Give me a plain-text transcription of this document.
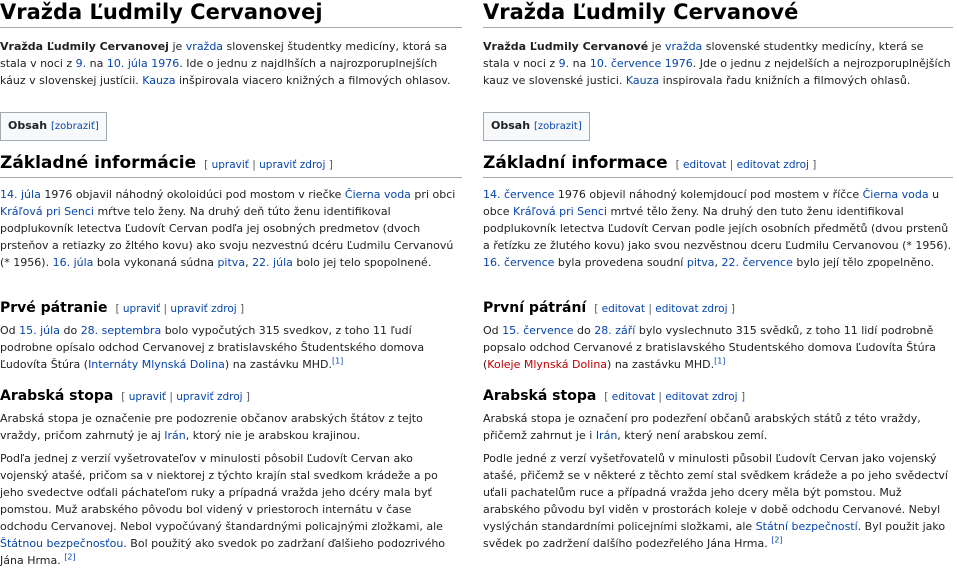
Vražda Ľudmily Cervanovej

Vražda Ľudmily Cervanovej je vražda slovenskej študentky medicíny, ktorá sa stala v noci z 9. na 10. júla 1976. Ide o jednu z najdlhších a najrozporuplnejších káuz v slovenskej justícii. Kauza inšpirovala viacero knižných a filmových ohlasov.

Obsah [zobraziť]
Základné informácie [ upraviť | upraviť zdroj ]

14. júla 1976 objavil náhodný okoloidúci pod mostom v riečke Čierna voda pri obci Kráľová pri Senci mŕtve telo ženy. Na druhý deň túto ženu identifikoval podplukovník letectva Ľudovít Cervan podľa jej osobných predmetov (dvoch prsteňov a retiazky zo žltého kovu) ako svoju nezvestnú dcéru Ľudmilu Cervanovú (* 1956). 16. júla bola vykonaná súdna pitva, 22. júla bolo jej telo spopolnené.

Prvé pátranie [ upraviť | upraviť zdroj ]

Od 15. júla do 28. septembra bolo vypočutých 315 svedkov, z toho 11 ľudí podrobne opísalo odchod Cervanovej z bratislavského Študentského domova Ľudovíta Štúra (Internáty Mlynská Dolina) na zastávku MHD.[1]

Arabská stopa [ upraviť | upraviť zdroj ]

Arabská stopa je označenie pre podozrenie občanov arabských štátov z tejto vraždy, pričom zahrnutý je aj Irán, ktorý nie je arabskou krajinou.

Podľa jednej z verzií vyšetrovateľov v minulosti pôsobil Ľudovít Cervan ako vojenský atašé, pričom sa v niektorej z týchto krajín stal svedkom krádeže a po jeho svedectve odťali páchateľom ruky a prípadná vražda jeho dcéry mala byť pomstou. Muž arabského pôvodu bol videný v priestoroch internátu v čase odchodu Cervanovej. Nebol vypočúvaný štandardnými policajnými zložkami, ale Štátnou bezpečnosťou. Bol použitý ako svedok po zadržaní ďalšieho podozrivého Jána Hrma. [2]

Vražda Ľudmily Cervanové

Vražda Ľudmily Cervanové je vražda slovenské studentky medicíny, která se stala v noci z 9. na 10. července 1976. Jde o jednu z nejdelších a nejrozporuplnějších kauz ve slovenské justici. Kauza inspirovala řadu knižních a filmových ohlasů.

Obsah [zobrazit]
Základní informace [ editovat | editovat zdroj ]

14. července 1976 objevil náhodný kolemjdoucí pod mostem v říčce Čierna voda u obce Kráľová pri Senci mrtvé tělo ženy. Na druhý den tuto ženu identifikoval podplukovník letectva Ľudovít Cervan podle jejích osobních předmětů (dvou prstenů a řetízku ze žlutého kovu) jako svou nezvěstnou dceru Ľudmilu Cervanovou (* 1956). 16. července byla provedena soudní pitva, 22. července bylo její tělo zpopelněno.

První pátrání [ editovat | editovat zdroj ]

Od 15. července do 28. září bylo vyslechnuto 315 svědků, z toho 11 lidí podrobně popsalo odchod Cervanové z bratislavského Studentského domova Ľudovíta Štúra (Koleje Mlynská Dolina) na zastávku MHD.[1]

Arabská stopa [ editovat | editovat zdroj ]

Arabská stopa je označení pro podezření občanů arabských států z této vraždy, přičemž zahrnut je i Irán, který není arabskou zemí.

Podle jedné z verzí vyšetřovatelů v minulosti působil Ľudovít Cervan jako vojenský atašé, přičemž se v některé z těchto zemí stal svědkem krádeže a po jeho svědectví uťali pachatelům ruce a případná vražda jeho dcery měla být pomstou. Muž arabského původu byl viděn v prostorách koleje v době odchodu Cervanové. Nebyl vyslýchán standardními policejními složkami, ale Státní bezpečností. Byl použit jako svědek po zadržení dalšího podezřelého Jána Hrma. [2]
